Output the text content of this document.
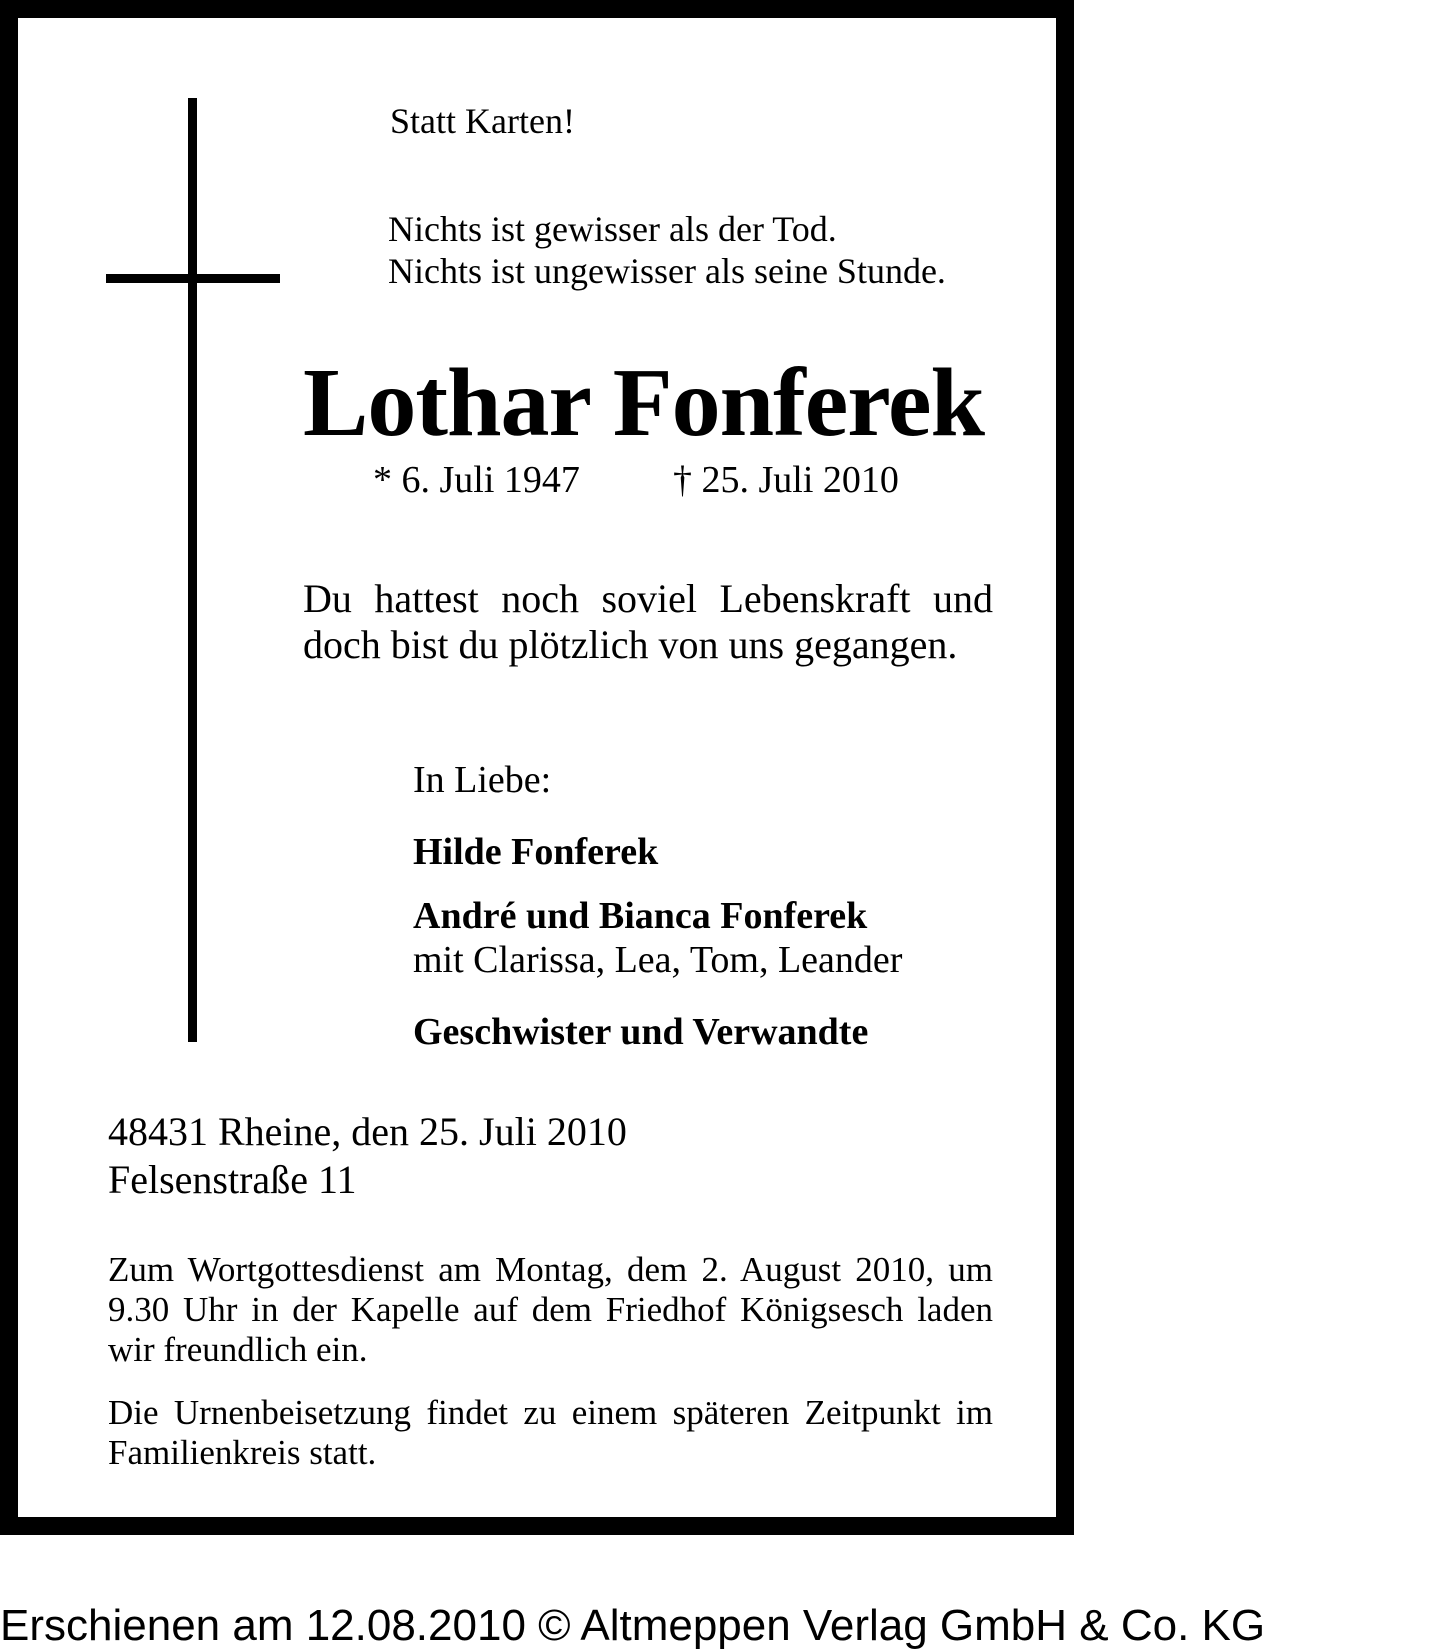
Statt Karten!
Nichts ist gewisser als der Tod.
Nichts ist ungewisser als seine Stunde.
Lothar Fonferek
* 6. Juli 1947 † 25. Juli 2010
Du hattest noch soviel Lebenskraft und doch bist du plötzlich von uns gegangen.
In Liebe:
Hilde Fonferek
André und Bianca Fonferek
mit Clarissa, Lea, Tom, Leander
Geschwister und Verwandte
48431 Rheine, den 25. Juli 2010
Felsenstraße 11
Zum Wortgottesdienst am Montag, dem 2. August 2010, um 9.30 Uhr in der Kapelle auf dem Friedhof Königsesch laden wir freundlich ein.
Die Urnenbeisetzung findet zu einem späteren Zeitpunkt im Familienkreis statt.
Erschienen am 12.08.2010 © Altmeppen Verlag GmbH & Co. KG
